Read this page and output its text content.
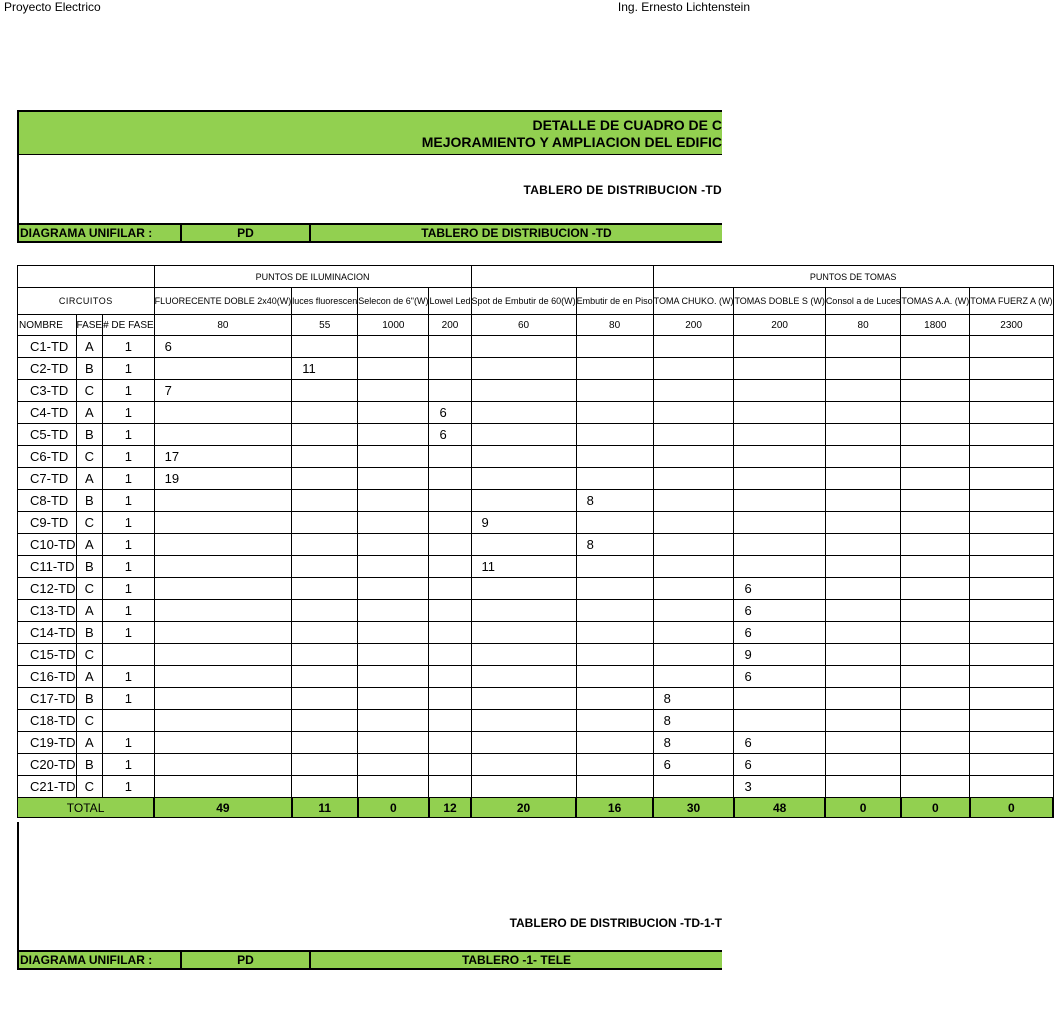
Proyecto Electrico	Ing. Ernesto Lichtenstein
DETALLE DE CUADRO DE C
MEJORAMIENTO Y AMPLIACION DEL EDIFIC
TABLERO DE DISTRIBUCION -TD
DIAGRAMA UNIFILAR :	PD	TABLERO DE DISTRIBUCION -TD
			PUNTOS DE ILUMINACION						PUNTOS DE TOMAS				
CIRCUITOS			FLUORECENTE DOBLE 2x40(W)	luces fluorescen	Selecon de 6"(W)	Lowel Led	Spot de Embutir de 60(W)	Embutir de en Piso	TOMA CHUKO. (W)	TOMAS DOBLE S (W)	Consol a de Luces	TOMAS A.A. (W)	TOMA FUERZ A (W)
NOMBRE	FASE	# DE FASE	80	55	1000	200	60	80	200	200	80	1800	2300
C1-TD	A	1	6										
C2-TD	B	1		11									
C3-TD	C	1	7										
C4-TD	A	1				6							
C5-TD	B	1				6							
C6-TD	C	1	17										
C7-TD	A	1	19										
C8-TD	B	1						8					
C9-TD	C	1					9						
C10-TD	A	1						8					
C11-TD	B	1					11						
C12-TD	C	1								6			
C13-TD	A	1								6			
C14-TD	B	1								6			
C15-TD	C									9			
C16-TD	A	1								6			
C17-TD	B	1							8				
C18-TD	C								8				
C19-TD	A	1							8	6			
C20-TD	B	1							6	6			
C21-TD	C	1								3			
TOTAL			49	11	0	12	20	16	30	48	0	0	0
TABLERO DE DISTRIBUCION -TD-1-T
DIAGRAMA UNIFILAR :	PD	TABLERO -1- TELE
